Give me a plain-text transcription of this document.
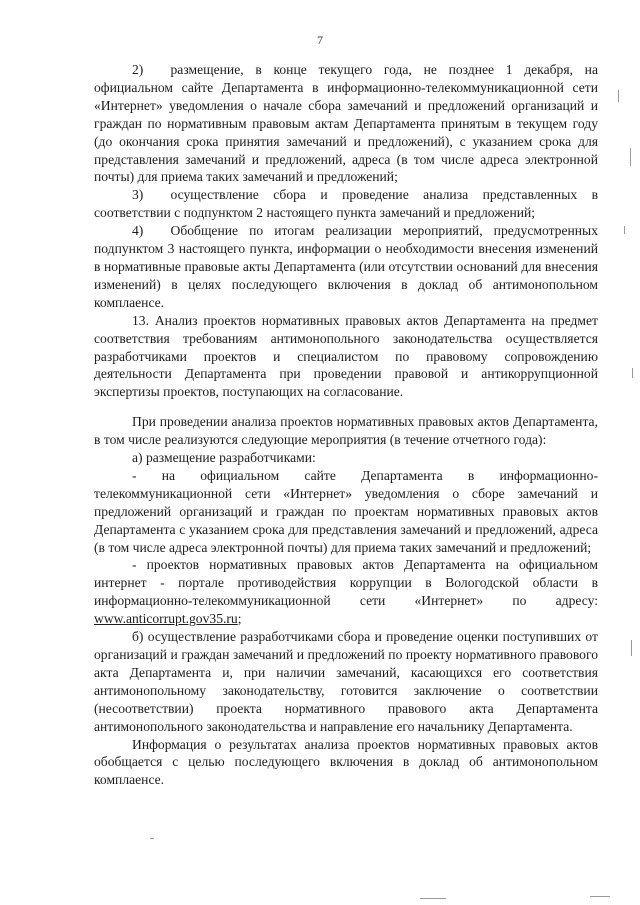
7

2)  размещение, в конце текущего года, не позднее 1 декабря, на официальном сайте Департамента в информационно-телекоммуникационной сети «Интернет» уведомления о начале сбора замечаний и предложений организаций и граждан по нормативным правовым актам Департамента принятым в текущем году (до окончания срока принятия замечаний и предложений), с указанием срока для представления замечаний и предложений, адреса (в том числе адреса электронной почты) для приема таких замечаний и предложений;

3)  осуществление сбора и проведение анализа представленных в соответствии с подпунктом 2 настоящего пункта замечаний и предложений;

4)  Обобщение по итогам реализации мероприятий, предусмотренных подпунктом 3 настоящего пункта, информации о необходимости внесения изменений в нормативные правовые акты Департамента (или отсутствии оснований для внесения изменений) в целях последующего включения в доклад об антимонопольном комплаенсе.

13. Анализ проектов нормативных правовых актов Департамента на предмет соответствия требованиям антимонопольного законодательства осуществляется разработчиками проектов и специалистом по правовому сопровождению деятельности Департамента при проведении правовой и антикоррупционной экспертизы проектов, поступающих на согласование.

При проведении анализа проектов нормативных правовых актов Департамента, в том числе реализуются следующие мероприятия (в течение отчетного года):

а) размещение разработчиками:

- на официальном сайте Департамента в информационно-телекоммуникационной сети «Интернет» уведомления о сборе замечаний и предложений организаций и граждан по проектам нормативных правовых актов Департамента с указанием срока для представления замечаний и предложений, адреса (в том числе адреса электронной почты) для приема таких замечаний и предложений;

- проектов нормативных правовых актов Департамента на официальном интернет - портале противодействия коррупции в Вологодской области в информационно-телекоммуникационной сети «Интернет» по адресу: www.anticorrupt.gov35.ru;

б) осуществление разработчиками сбора и проведение оценки поступивших от организаций и граждан замечаний и предложений по проекту нормативного правового акта Департамента и, при наличии замечаний, касающихся его соответствия антимонопольному законодательству, готовится заключение о соответствии (несоответствии) проекта нормативного правового акта Департамента антимонопольного законодательства и направление его начальнику Департамента.

Информация о результатах анализа проектов нормативных правовых актов обобщается с целью последующего включения в доклад об антимонопольном комплаенсе.
